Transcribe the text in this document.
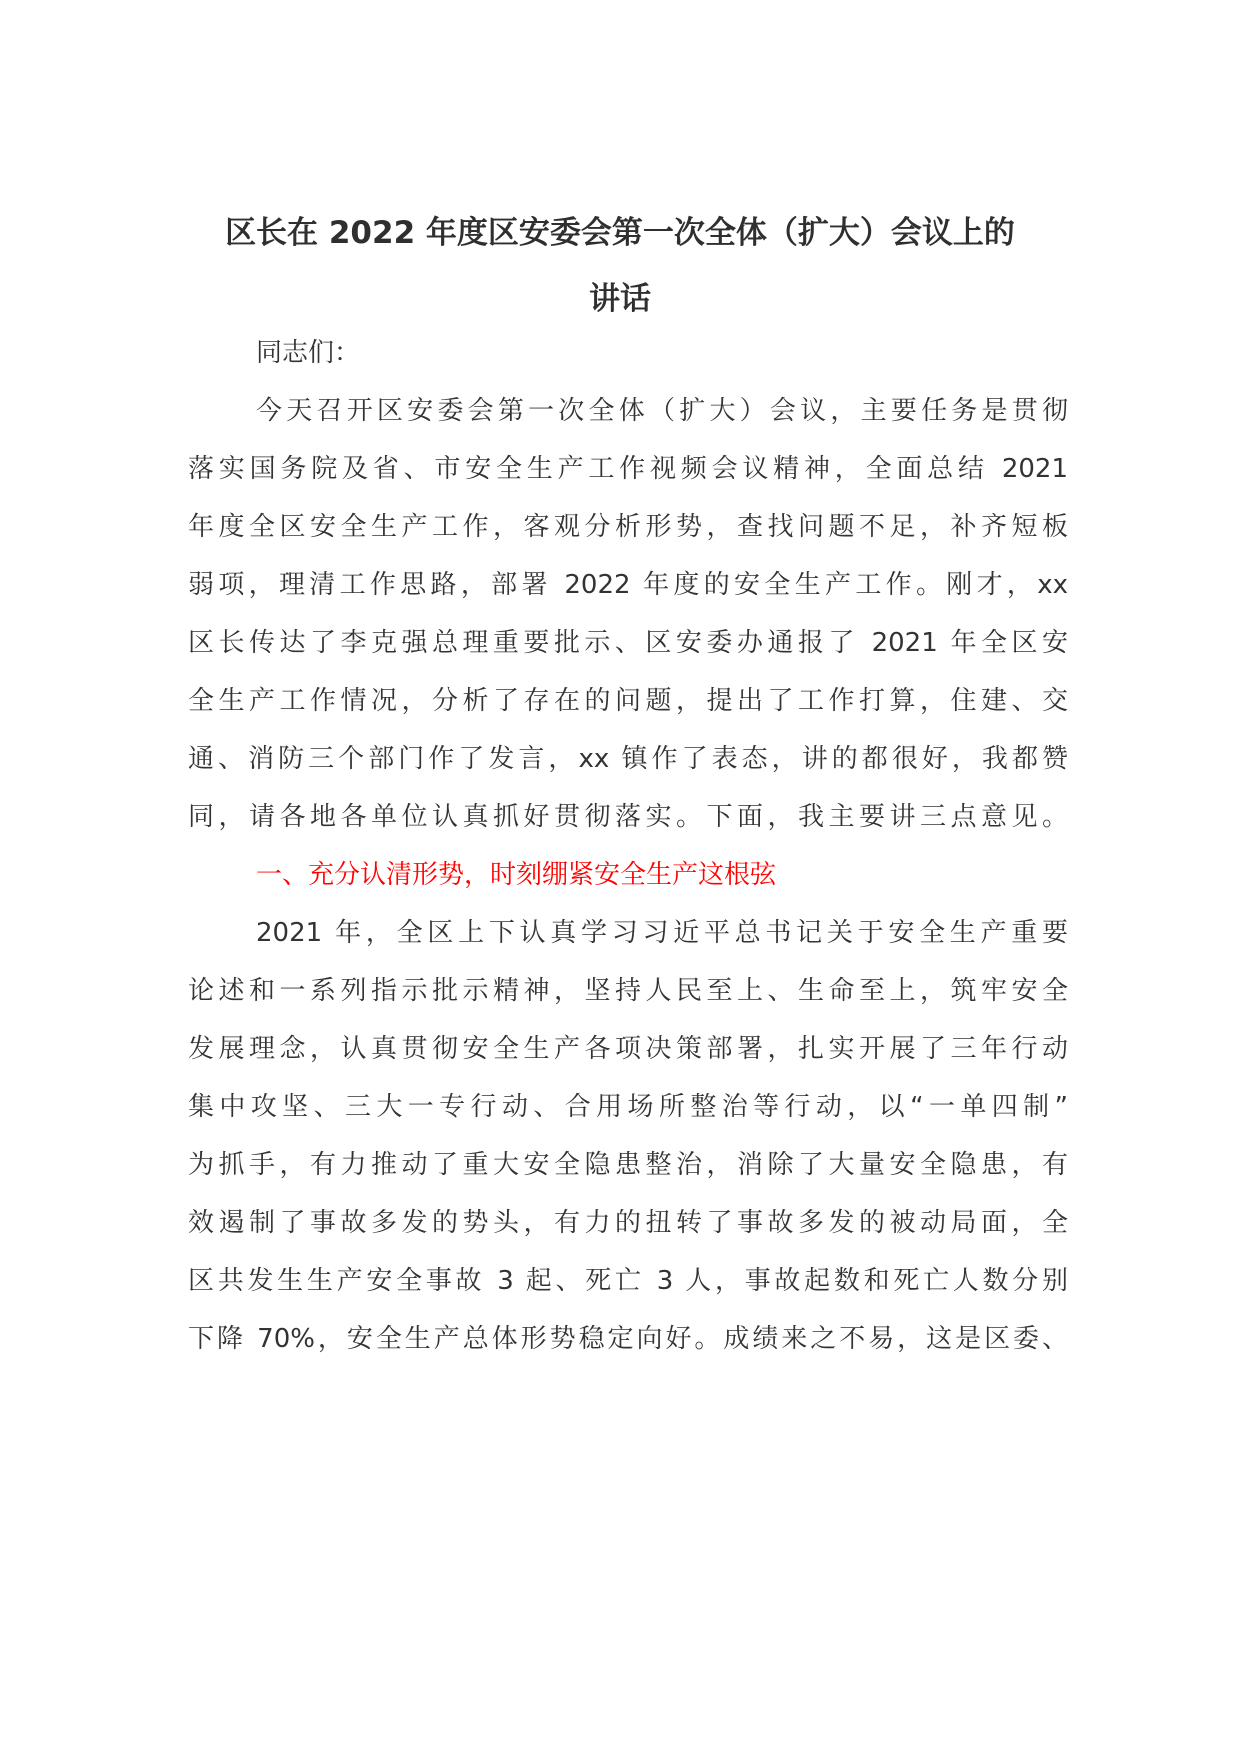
区长在 2022 年度区安委会第一次全体（扩大）会议上的
讲话
同志们：
今天召开区安委会第一次全体（扩大）会议，主要任务是贯彻
落实国务院及省、市安全生产工作视频会议精神，全面总结 2021
年度全区安全生产工作，客观分析形势，查找问题不足，补齐短板
弱项，理清工作思路，部署 2022 年度的安全生产工作。刚才，xx
区长传达了李克强总理重要批示、区安委办通报了 2021 年全区安
全生产工作情况，分析了存在的问题，提出了工作打算，住建、交
通、消防三个部门作了发言，xx 镇作了表态，讲的都很好，我都赞
同，请各地各单位认真抓好贯彻落实。下面，我主要讲三点意见。
一、充分认清形势，时刻绷紧安全生产这根弦
2021 年，全区上下认真学习习近平总书记关于安全生产重要
论述和一系列指示批示精神，坚持人民至上、生命至上，筑牢安全
发展理念，认真贯彻安全生产各项决策部署，扎实开展了三年行动
集中攻坚、三大一专行动、合用场所整治等行动，以“一单四制”
为抓手，有力推动了重大安全隐患整治，消除了大量安全隐患，有
效遏制了事故多发的势头，有力的扭转了事故多发的被动局面，全
区共发生生产安全事故 3 起、死亡 3 人，事故起数和死亡人数分别
下降 70%，安全生产总体形势稳定向好。成绩来之不易，这是区委、
